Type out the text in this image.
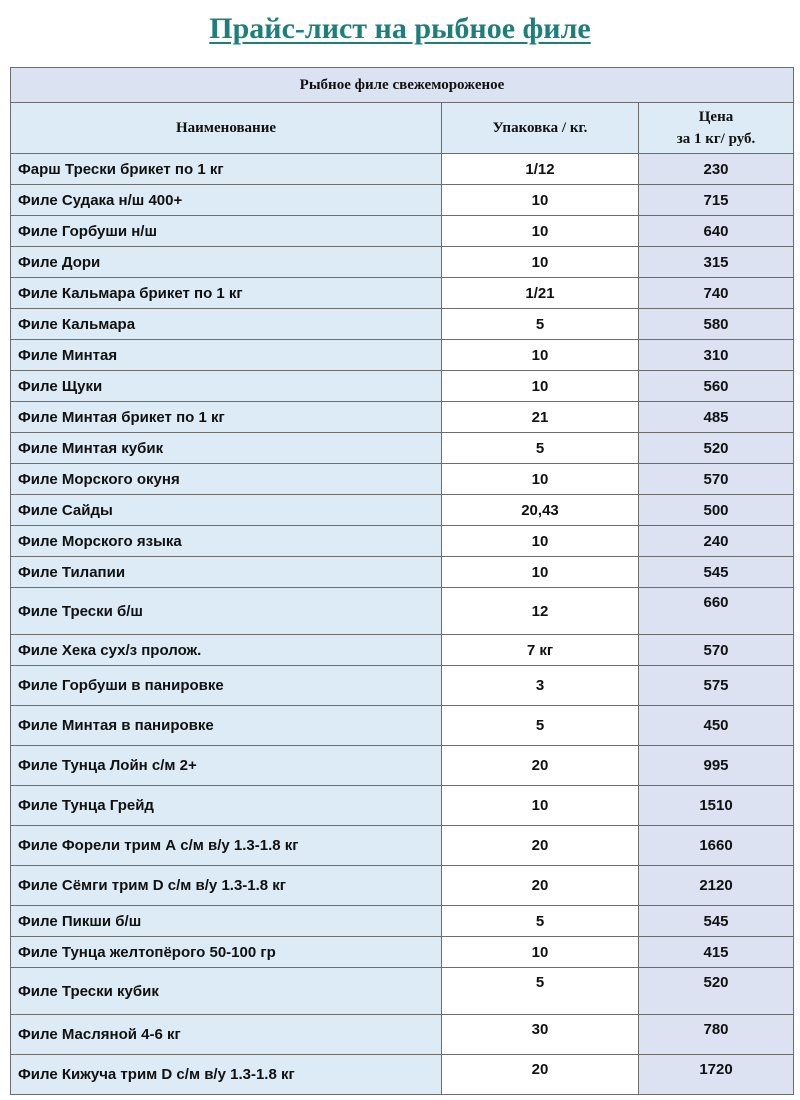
Прайс-лист на рыбное филе
Рыбное филе свежемороженое		
Наименование	Упаковка / кг.	Цена
за 1 кг/ руб.
Фарш Трески брикет по 1 кг	1/12	230
Филе Судака н/ш 400+	10	715
Филе Горбуши н/ш	10	640
Филе Дори	10	315
Филе Кальмара брикет по 1 кг	1/21	740
Филе Кальмара	5	580
Филе Минтая	10	310
Филе Щуки	10	560
Филе Минтая брикет по 1 кг	21	485
Филе Минтая кубик	5	520
Филе Морского окуня	10	570
Филе Сайды	20,43	500
Филе Морского языка	10	240
Филе Тилапии	10	545
Филе Трески б/ш	12	660
Филе Хека сух/з пролож.	7 кг	570
Филе Горбуши в панировке	3	575
Филе Минтая в панировке	5	450
Филе Тунца Лойн с/м 2+	20	995
Филе Тунца Грейд	10	1510
Филе Форели трим А с/м в/у 1.3-1.8 кг	20	1660
Филе Сёмги трим D с/м в/у 1.3-1.8 кг	20	2120
Филе Пикши б/ш	5	545
Филе Тунца желтопёрого 50-100 гр	10	415
Филе Трески кубик	5	520
Филе Масляной 4-6 кг	30	780
Филе Кижуча трим D с/м в/у 1.3-1.8 кг	20	1720
